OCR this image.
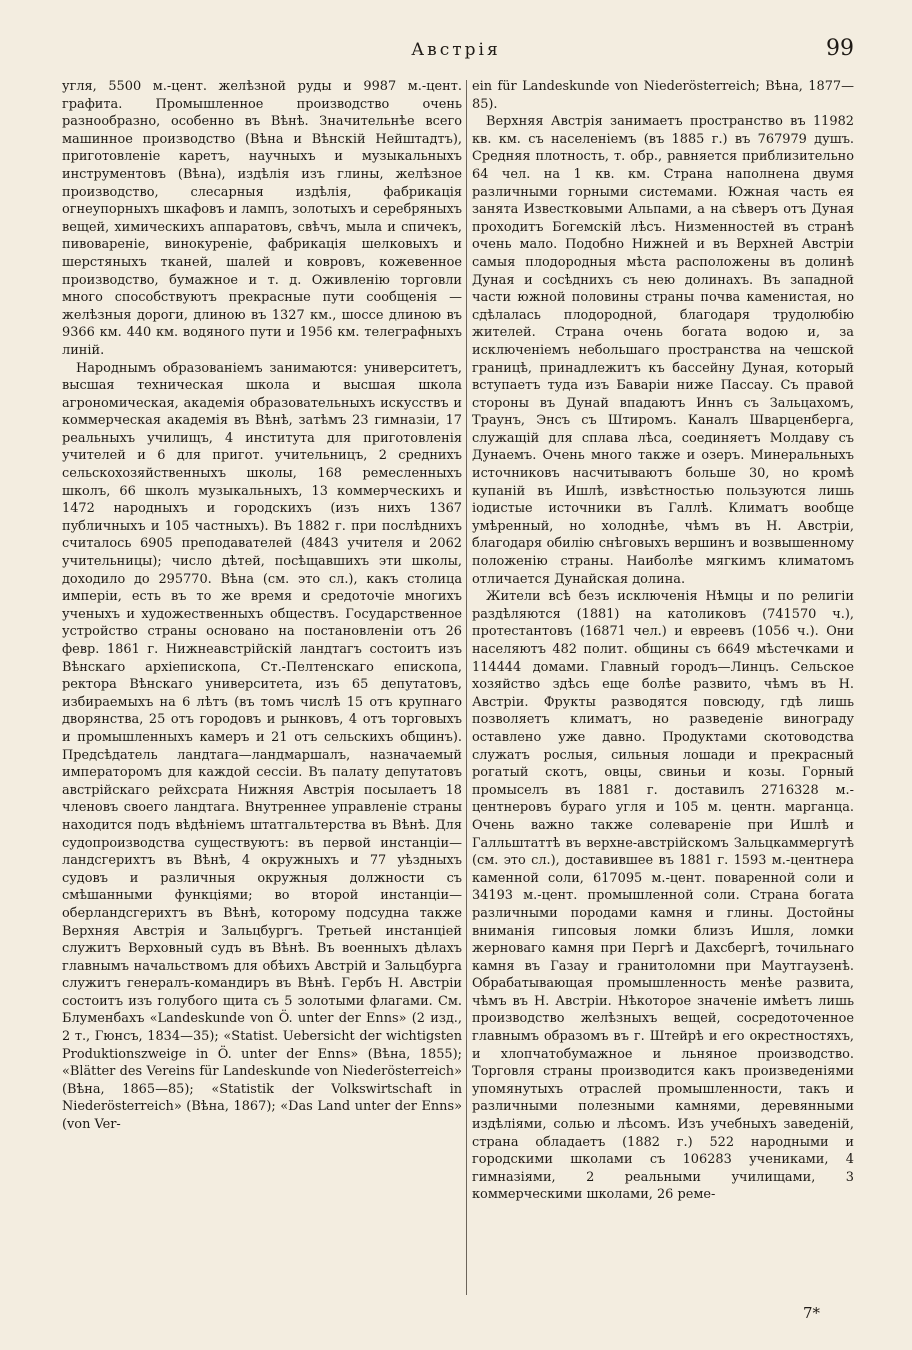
Австрія	99

угля, 5500 м.-цент. желѣзной руды и 9987 м.-цент. графита. Промышленное производство очень разнообразно, особенно въ Вѣнѣ. Значительнѣе всего машинное производство (Вѣна и Вѣнскій Нейштадтъ), приготовленіе каретъ, научныхъ и музыкальныхъ инструментовъ (Вѣна), издѣлія изъ глины, желѣзное производство, слесарныя издѣлія, фабрикація огнеупорныхъ шкафовъ и лампъ, золотыхъ и серебряныхъ вещей, химическихъ аппаратовъ, свѣчъ, мыла и спичекъ, пивовареніе, винокуреніе, фабрикація шелковыхъ и шерстяныхъ тканей, шалей и ковровъ, кожевенное производство, бумажное и т. д. Оживленію торговли много способствуютъ прекрасные пути сообщенія — желѣзныя дороги, длиною въ 1327 км., шоссе длиною въ 9366 км. 440 км. водяного пути и 1956 км. телеграфныхъ линій.

Народнымъ образованіемъ занимаются: университетъ, высшая техническая школа и высшая школа агрономическая, академія образовательныхъ искусствъ и коммерческая академія въ Вѣнѣ, затѣмъ 23 гимназіи, 17 реальныхъ училищъ, 4 института для приготовленія учителей и 6 для пригот. учительницъ, 2 среднихъ сельскохозяйственныхъ школы, 168 ремесленныхъ школъ, 66 школъ музыкальныхъ, 13 коммерческихъ и 1472 народныхъ и городскихъ (изъ нихъ 1367 публичныхъ и 105 частныхъ). Въ 1882 г. при послѣднихъ считалось 6905 преподавателей (4843 учителя и 2062 учительницы); число дѣтей, посѣщавшихъ эти школы, доходило до 295770. Вѣна (см. это сл.), какъ столица имперіи, есть въ то же время и средоточіе многихъ ученыхъ и художественныхъ обществъ. Государственное устройство страны основано на постановленіи отъ 26 февр. 1861 г. Нижнеавстрійскій ландтагъ состоитъ изъ Вѣнскаго архіепископа, Ст.-Пелтенскаго епископа, ректора Вѣнскаго университета, изъ 65 депутатовъ, избираемыхъ на 6 лѣтъ (въ томъ числѣ 15 отъ крупнаго дворянства, 25 отъ городовъ и рынковъ, 4 отъ торговыхъ и промышленныхъ камеръ и 21 отъ сельскихъ общинъ). Предсѣдатель ландтага—ландмаршалъ, назначаемый императоромъ для каждой сессіи. Въ палату депутатовъ австрійскаго рейхсрата Нижняя Австрія посылаетъ 18 членовъ своего ландтага. Внутреннее управленіе страны находится подъ вѣдѣніемъ штатгальтерства въ Вѣнѣ. Для судопроизводства существуютъ: въ первой инстанціи—ландсгерихтъ въ Вѣнѣ, 4 окружныхъ и 77 уѣздныхъ судовъ и различныя окружныя должности съ смѣшанными функціями; во второй инстанціи—оберландсгерихтъ въ Вѣнѣ, которому подсудна также Верхняя Австрія и Зальцбургъ. Третьей инстанціей служитъ Верховный судъ въ Вѣнѣ. Въ военныхъ дѣлахъ главнымъ начальствомъ для обѣихъ Австрій и Зальцбурга служитъ генералъ-командиръ въ Вѣнѣ. Гербъ Н. Австріи состоитъ изъ голубого щита съ 5 золотыми флагами. См. Блуменбахъ «Landeskunde von Ö. unter der Enns» (2 изд., 2 т., Гюнсъ, 1834—35); «Statist. Uebersicht der wichtigsten Produktionszweige in Ö. unter der Enns» (Вѣна, 1855); «Blätter des Vereins für Landeskunde von Niederösterreich» (Вѣна, 1865—85); «Statistik der Volkswirtschaft in Niederösterreich» (Вѣна, 1867); «Das Land unter der Enns» (von Ver-

ein für Landeskunde von Niederösterreich; Вѣна, 1877—85).

Верхняя Австрія занимаетъ пространство въ 11982 кв. км. съ населеніемъ (въ 1885 г.) въ 767979 душъ. Средняя плотность, т. обр., равняется приблизительно 64 чел. на 1 кв. км. Страна наполнена двумя различными горными системами. Южная часть ея занята Известковыми Альпами, а на сѣверъ отъ Дуная проходитъ Богемскій лѣсъ. Низменностей въ странѣ очень мало. Подобно Нижней и въ Верхней Австріи самыя плодородныя мѣста расположены въ долинѣ Дуная и сосѣднихъ съ нею долинахъ. Въ западной части южной половины страны почва каменистая, но сдѣлалась плодородной, благодаря трудолюбію жителей. Страна очень богата водою и, за исключеніемъ небольшаго пространства на чешской границѣ, принадлежитъ къ бассейну Дуная, который вступаетъ туда изъ Баваріи ниже Пассау. Съ правой стороны въ Дунай впадаютъ Иннъ съ Зальцахомъ, Траунъ, Энсъ съ Штиромъ. Каналъ Шварценберга, служащій для сплава лѣса, соединяетъ Молдаву съ Дунаемъ. Очень много также и озеръ. Минеральныхъ источниковъ насчитываютъ больше 30, но кромѣ купаній въ Ишлѣ, извѣстностью пользуются лишь іодистые источники въ Галлѣ. Климатъ вообще умѣренный, но холоднѣе, чѣмъ въ Н. Австріи, благодаря обилію снѣговыхъ вершинъ и возвышенному положенію страны. Наиболѣе мягкимъ климатомъ отличается Дунайская долина.

Жители всѣ безъ исключенія Нѣмцы и по религіи раздѣляются (1881) на католиковъ (741570 ч.), протестантовъ (16871 чел.) и евреевъ (1056 ч.). Они населяютъ 482 полит. общины съ 6649 мѣстечками и 114444 домами. Главный городъ—Линцъ. Сельское хозяйство здѣсь еще болѣе развито, чѣмъ въ Н. Австріи. Фрукты разводятся повсюду, гдѣ лишь позволяетъ климатъ, но разведеніе винограду оставлено уже давно. Продуктами скотоводства служатъ рослыя, сильныя лошади и прекрасный рогатый скотъ, овцы, свиньи и козы. Горный промыселъ въ 1881 г. доставилъ 2716328 м.-центнеровъ бураго угля и 105 м. центн. марганца. Очень важно также солевареніе при Ишлѣ и Галльштаттѣ въ верхне-австрійскомъ Зальцкаммергутѣ (см. это сл.), доставившее въ 1881 г. 1593 м.-центнера каменной соли, 617095 м.-цент. поваренной соли и 34193 м.-цент. промышленной соли. Страна богата различными породами камня и глины. Достойны вниманія гипсовыя ломки близъ Ишля, ломки жерноваго камня при Пергѣ и Дахсбергѣ, точильнаго камня въ Газау и гранитоломни при Маутгаузенѣ. Обрабатывающая промышленность менѣе развита, чѣмъ въ Н. Австріи. Нѣкоторое значеніе имѣетъ лишь производство желѣзныхъ вещей, сосредоточенное главнымъ образомъ въ г. Штейрѣ и его окрестностяхъ, и хлопчатобумажное и льняное производство. Торговля страны производится какъ произведеніями упомянутыхъ отраслей промышленности, такъ и различными полезными камнями, деревянными издѣліями, солью и лѣсомъ. Изъ учебныхъ заведеній, страна обладаетъ (1882 г.) 522 народными и городскими школами съ 106283 учениками, 4 гимназіями, 2 реальными училищами, 3 коммерческими школами, 26 реме-

7*
